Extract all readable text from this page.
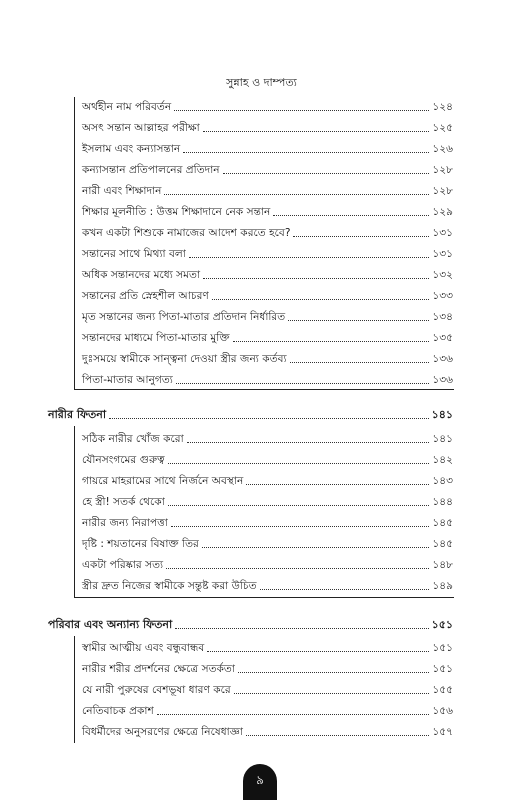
সুন্নাহ ও দাম্পত্য
অর্থহীন নাম পরিবর্তন	১২৪
অসৎ সন্তান আল্লাহর পরীক্ষা	১২৫
ইসলাম এবং কন্যাসন্তান	১২৬
কন্যাসন্তান প্রতিপালনের প্রতিদান	১২৮
নারী এবং শিক্ষাদান	১২৮
শিক্ষার মূলনীতি : উত্তম শিক্ষাদানে নেক সন্তান	১২৯
কখন একটা শিশুকে নামাজের আদেশ করতে হবে?	১৩১
সন্তানের সাথে মিথ্যা বলা	১৩১
অধিক সন্তানদের মধ্যে সমতা	১৩২
সন্তানের প্রতি স্নেহশীল আচরণ	১৩৩
মৃত সন্তানের জন্য পিতা-মাতার প্রতিদান নির্ধারিত	১৩৪
সন্তানদের মাধ্যমে পিতা-মাতার মুক্তি	১৩৫
দুঃসময়ে স্বামীকে সান্ত্বনা দেওয়া স্ত্রীর জন্য কর্তব্য	১৩৬
পিতা-মাতার আনুগত্য	১৩৬
নারীর ফিতনা	১৪১
সঠিক নারীর খোঁজ করো	১৪১
যৌনসংগমের গুরুত্ব	১৪২
গায়রে মাহরামের সাথে নির্জনে অবস্থান	১৪৩
হে স্ত্রী! সতর্ক থেকো	১৪৪
নারীর জন্য নিরাপত্তা	১৪৫
দৃষ্টি : শয়তানের বিষাক্ত তির	১৪৫
একটা পরিষ্কার সত্য	১৪৮
স্ত্রীর দ্রুত নিজের স্বামীকে সন্তুষ্ট করা উচিত	১৪৯
পরিবার এবং অন্যান্য ফিতনা	১৫১
স্বামীর আত্মীয় এবং বন্ধুবান্ধব	১৫১
নারীর শরীর প্রদর্শনের ক্ষেত্রে সতর্কতা	১৫১
যে নারী পুরুষের বেশভূষা ধারণ করে	১৫৫
নেতিবাচক প্রকাশ	১৫৬
বিধর্মীদের অনুসরণের ক্ষেত্রে নিষেধাজ্ঞা	১৫৭
৯
